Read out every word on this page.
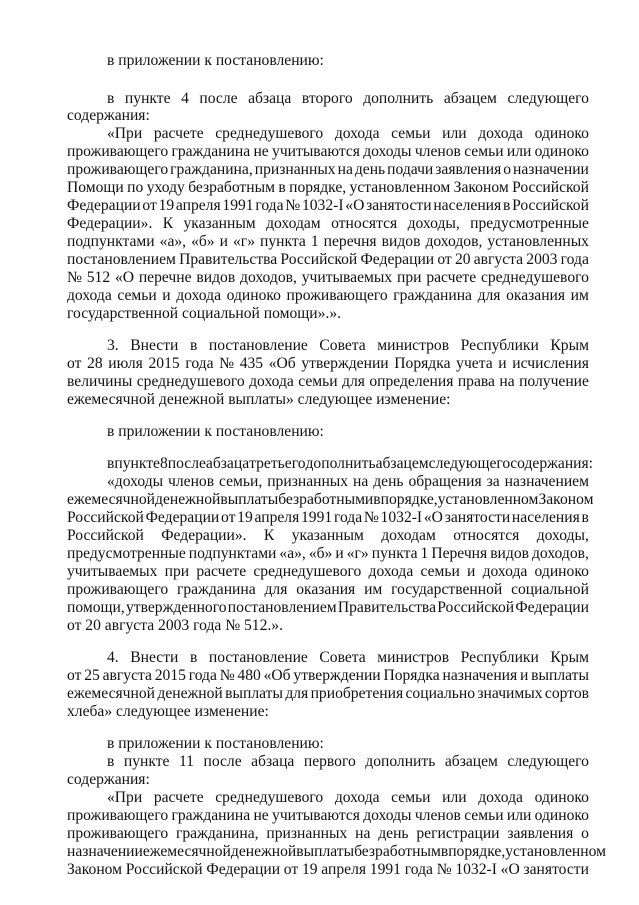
в приложении к постановлению:
в пункте 4 после абзаца второго дополнить абзацем следующего
содержания:
«При расчете среднедушевого дохода семьи или дохода одиноко
проживающего гражданина не учитываются доходы членов семьи или одиноко
проживающего гражданина, признанных на день подачи заявления о назначении
Помощи по уходу безработным в порядке, установленном Законом Российской
Федерации от 19 апреля 1991 года № 1032-I «О занятости населения в Российской
Федерации». К указанным доходам относятся доходы, предусмотренные
подпунктами «а», «б» и «г» пункта 1 перечня видов доходов, установленных
постановлением Правительства Российской Федерации от 20 августа 2003 года
№ 512 «О перечне видов доходов, учитываемых при расчете среднедушевого
дохода семьи и дохода одиноко проживающего гражданина для оказания им
государственной социальной помощи».».
3. Внести в постановление Совета министров Республики Крым
от 28 июля 2015 года № 435 «Об утверждении Порядка учета и исчисления
величины среднедушевого дохода семьи для определения права на получение
ежемесячной денежной выплаты» следующее изменение:
в приложении к постановлению:
в пункте 8 после абзаца третьего дополнить абзацем следующего содержания:
«доходы членов семьи, признанных на день обращения за назначением
ежемесячной денежной выплаты безработными в порядке, установленном Законом
Российской Федерации от 19 апреля 1991 года № 1032-I «О занятости населения в
Российской Федерации». К указанным доходам относятся доходы,
предусмотренные подпунктами «а», «б» и «г» пункта 1 Перечня видов доходов,
учитываемых при расчете среднедушевого дохода семьи и дохода одиноко
проживающего гражданина для оказания им государственной социальной
помощи, утвержденного постановлением Правительства Российской Федерации
от 20 августа 2003 года № 512.».
4. Внести в постановление Совета министров Республики Крым
от 25 августа 2015 года № 480 «Об утверждении Порядка назначения и выплаты
ежемесячной денежной выплаты для приобретения социально значимых сортов
хлеба» следующее изменение:
в приложении к постановлению:
в пункте 11 после абзаца первого дополнить абзацем следующего
содержания:
«При расчете среднедушевого дохода семьи или дохода одиноко
проживающего гражданина не учитываются доходы членов семьи или одиноко
проживающего гражданина, признанных на день регистрации заявления о
назначении ежемесячной денежной выплаты безработным в порядке, установленном
Законом Российской Федерации от 19 апреля 1991 года № 1032-I «О занятости
